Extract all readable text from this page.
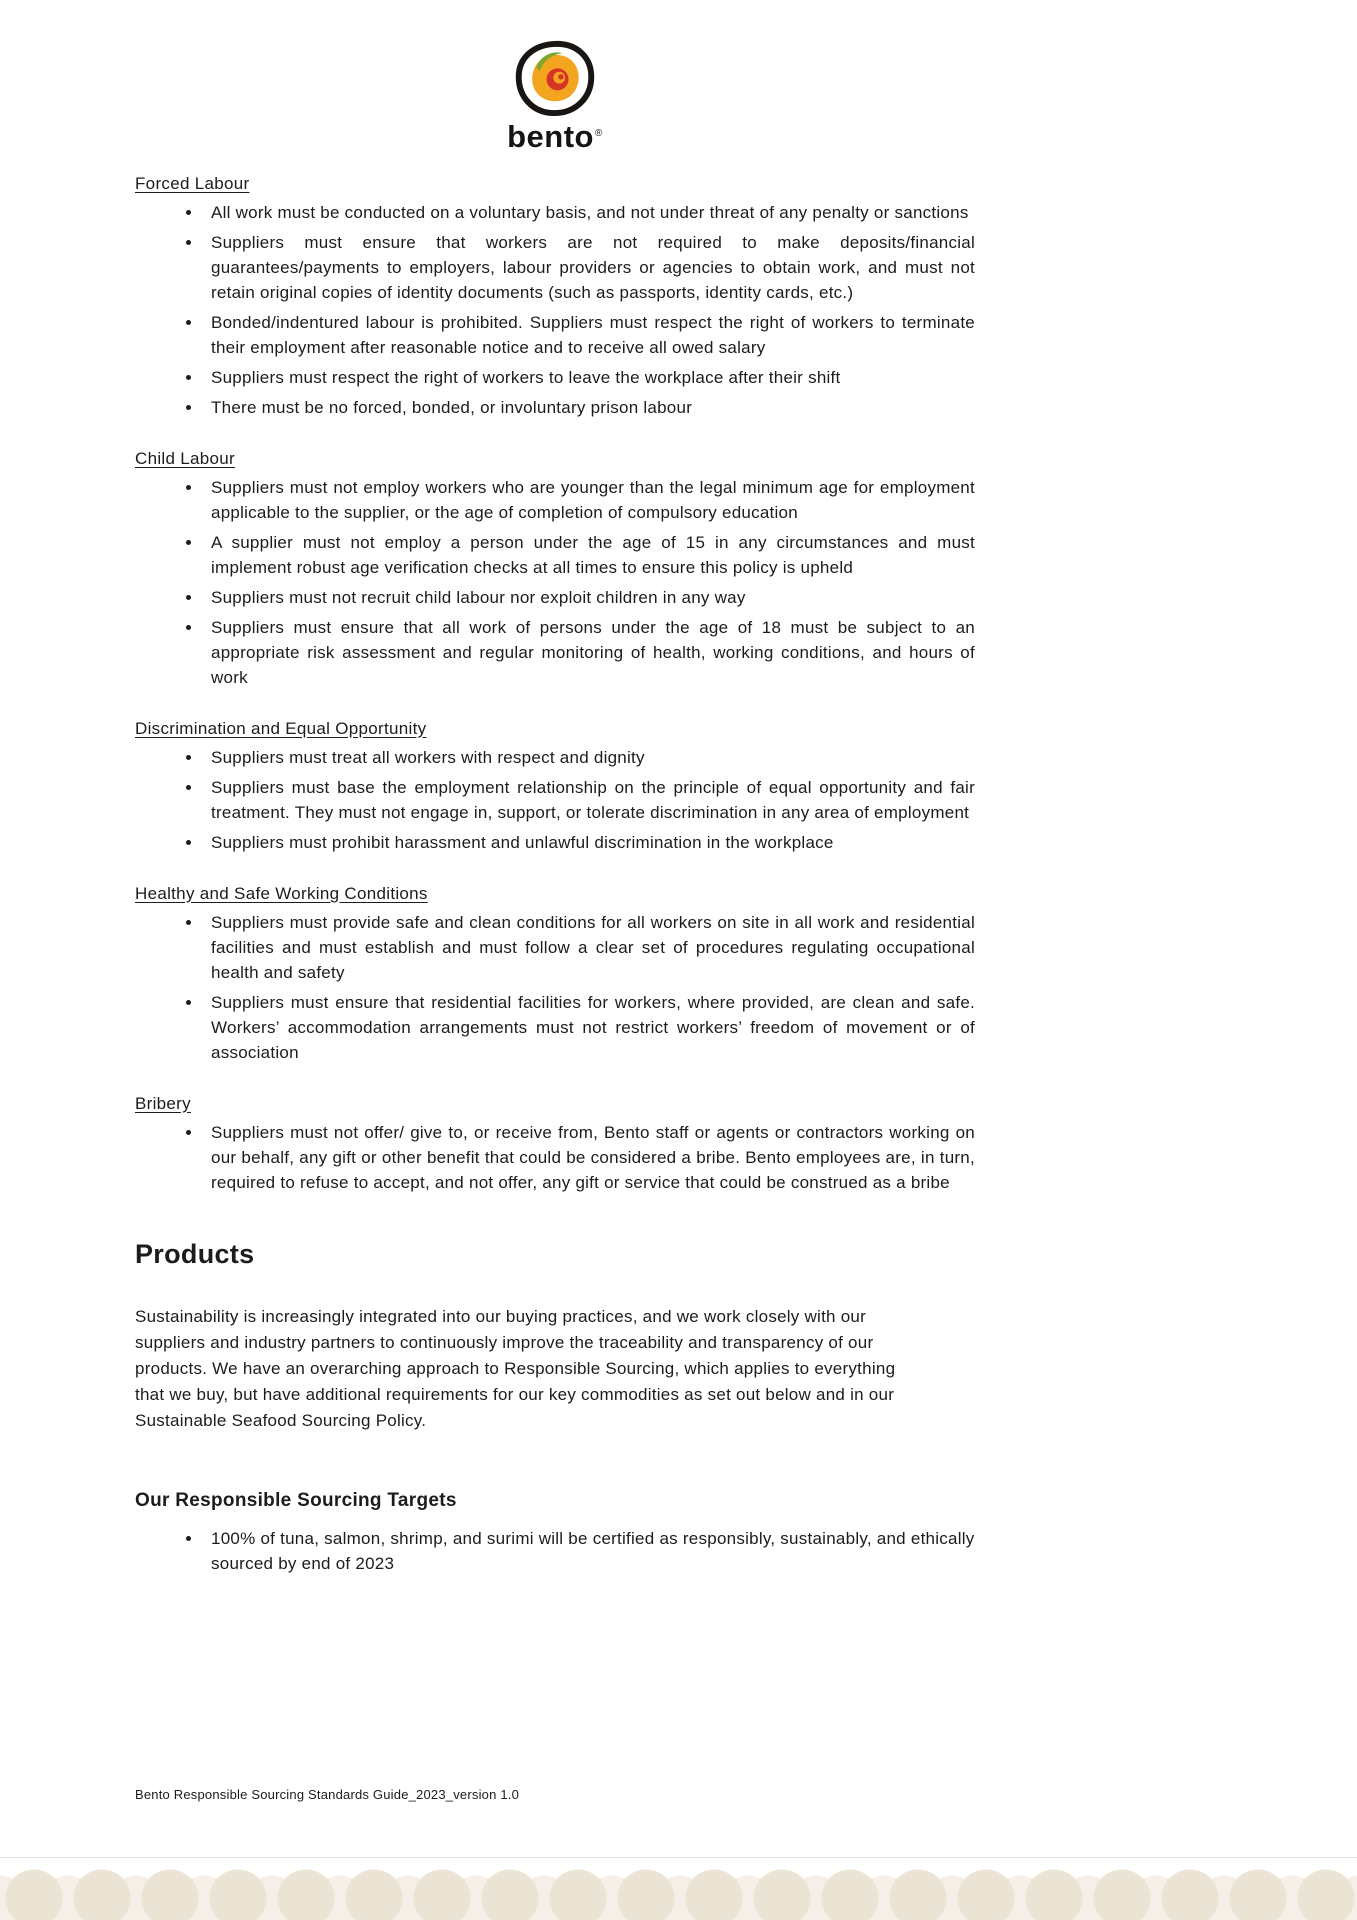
bento®
Forced Labour
• All work must be conducted on a voluntary basis, and not under threat of any penalty or sanctions
• Suppliers must ensure that workers are not required to make deposits/financial guarantees/payments to employers, labour providers or agencies to obtain work, and must not retain original copies of identity documents (such as passports, identity cards, etc.)
• Bonded/indentured labour is prohibited. Suppliers must respect the right of workers to terminate their employment after reasonable notice and to receive all owed salary
• Suppliers must respect the right of workers to leave the workplace after their shift
• There must be no forced, bonded, or involuntary prison labour
Child Labour
• Suppliers must not employ workers who are younger than the legal minimum age for employment applicable to the supplier, or the age of completion of compulsory education
• A supplier must not employ a person under the age of 15 in any circumstances and must implement robust age verification checks at all times to ensure this policy is upheld
• Suppliers must not recruit child labour nor exploit children in any way
• Suppliers must ensure that all work of persons under the age of 18 must be subject to an appropriate risk assessment and regular monitoring of health, working conditions, and hours of work
Discrimination and Equal Opportunity
• Suppliers must treat all workers with respect and dignity
• Suppliers must base the employment relationship on the principle of equal opportunity and fair treatment. They must not engage in, support, or tolerate discrimination in any area of employment
• Suppliers must prohibit harassment and unlawful discrimination in the workplace
Healthy and Safe Working Conditions
• Suppliers must provide safe and clean conditions for all workers on site in all work and residential facilities and must establish and must follow a clear set of procedures regulating occupational health and safety
• Suppliers must ensure that residential facilities for workers, where provided, are clean and safe. Workers’ accommodation arrangements must not restrict workers’ freedom of movement or of association
Bribery
• Suppliers must not offer/ give to, or receive from, Bento staff or agents or contractors working on our behalf, any gift or other benefit that could be considered a bribe. Bento employees are, in turn, required to refuse to accept, and not offer, any gift or service that could be construed as a bribe
Products

Sustainability is increasingly integrated into our buying practices, and we work closely with our suppliers and industry partners to continuously improve the traceability and transparency of our products. We have an overarching approach to Responsible Sourcing, which applies to everything that we buy, but have additional requirements for our key commodities as set out below and in our Sustainable Seafood Sourcing Policy.

Our Responsible Sourcing Targets
• 100% of tuna, salmon, shrimp, and surimi will be certified as responsibly, sustainably, and ethically sourced by end of 2023
Bento Responsible Sourcing Standards Guide_2023_version 1.0
